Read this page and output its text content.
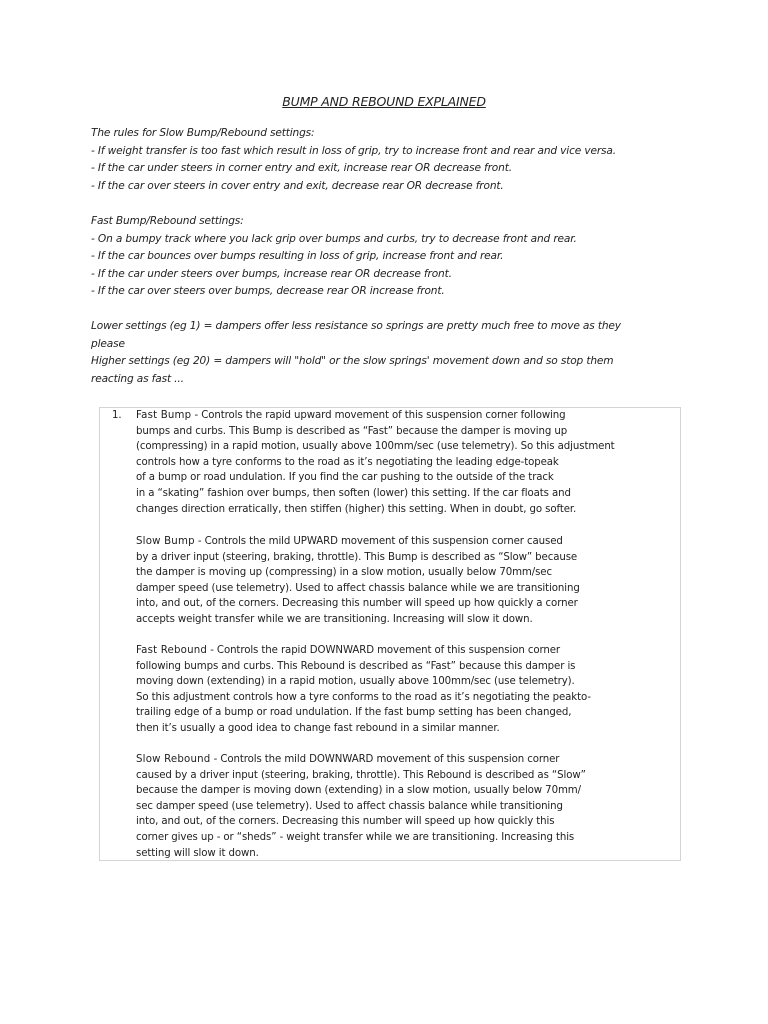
BUMP AND REBOUND EXPLAINED
The rules for Slow Bump/Rebound settings:
- If weight transfer is too fast which result in loss of grip, try to increase front and rear and vice versa.
- If the car under steers in corner entry and exit, increase rear OR decrease front.
- If the car over steers in cover entry and exit, decrease rear OR decrease front.
Fast Bump/Rebound settings:
- On a bumpy track where you lack grip over bumps and curbs, try to decrease front and rear.
- If the car bounces over bumps resulting in loss of grip, increase front and rear.
- If the car under steers over bumps, increase rear OR decrease front.
- If the car over steers over bumps, decrease rear OR increase front.
Lower settings (eg 1) = dampers offer less resistance so springs are pretty much free to move as they
please
Higher settings (eg 20) = dampers will "hold" or the slow springs' movement down and so stop them
reacting as fast ...
1.	Fast Bump - Controls the rapid upward movement of this suspension corner following
bumps and curbs. This Bump is described as “Fast” because the damper is moving up
(compressing) in a rapid motion, usually above 100mm/sec (use telemetry). So this adjustment
controls how a tyre conforms to the road as it’s negotiating the leading edge-topeak
of a bump or road undulation. If you find the car pushing to the outside of the track
in a “skating” fashion over bumps, then soften (lower) this setting. If the car floats and
changes direction erratically, then stiffen (higher) this setting. When in doubt, go softer.
Slow Bump - Controls the mild UPWARD movement of this suspension corner caused
by a driver input (steering, braking, throttle). This Bump is described as “Slow” because
the damper is moving up (compressing) in a slow motion, usually below 70mm/sec
damper speed (use telemetry). Used to affect chassis balance while we are transitioning
into, and out, of the corners. Decreasing this number will speed up how quickly a corner
accepts weight transfer while we are transitioning. Increasing will slow it down.
Fast Rebound - Controls the rapid DOWNWARD movement of this suspension corner
following bumps and curbs. This Rebound is described as “Fast” because this damper is
moving down (extending) in a rapid motion, usually above 100mm/sec (use telemetry).
So this adjustment controls how a tyre conforms to the road as it’s negotiating the peakto-
trailing edge of a bump or road undulation. If the fast bump setting has been changed,
then it’s usually a good idea to change fast rebound in a similar manner.
Slow Rebound - Controls the mild DOWNWARD movement of this suspension corner
caused by a driver input (steering, braking, throttle). This Rebound is described as “Slow”
because the damper is moving down (extending) in a slow motion, usually below 70mm/
sec damper speed (use telemetry). Used to affect chassis balance while transitioning
into, and out, of the corners. Decreasing this number will speed up how quickly this
corner gives up - or “sheds” - weight transfer while we are transitioning. Increasing this
setting will slow it down.
